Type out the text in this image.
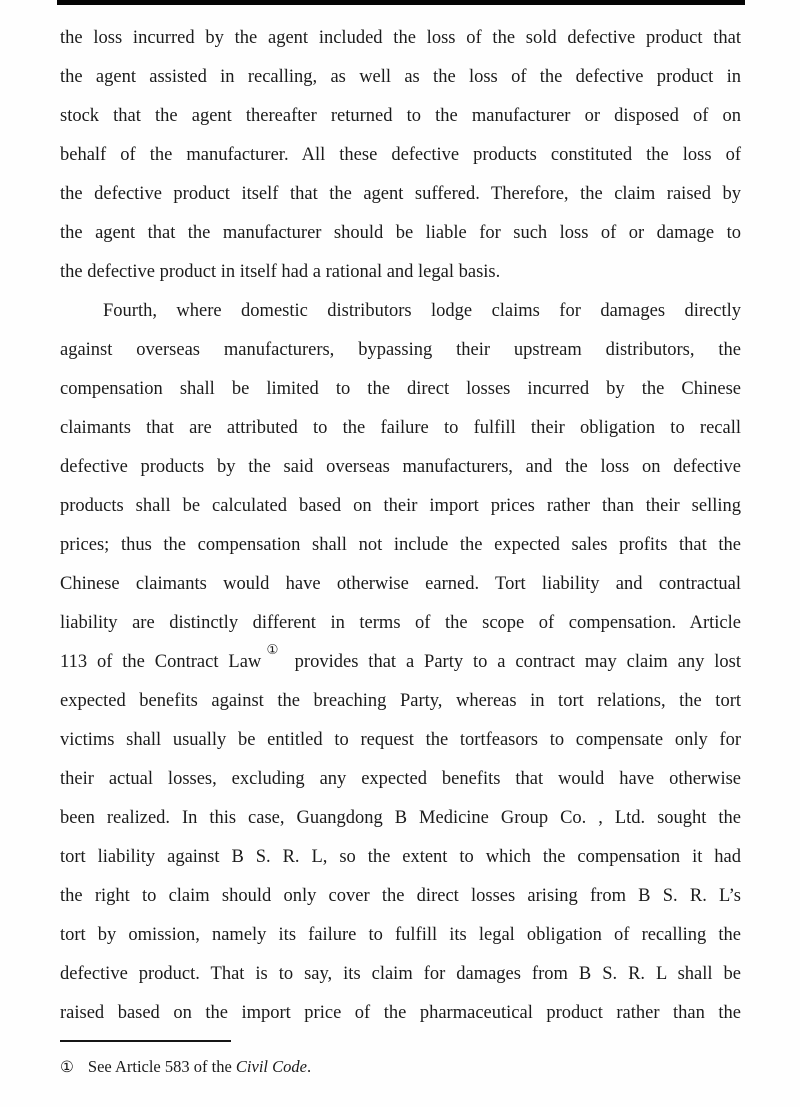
the loss incurred by the agent included the loss of the sold defective product that
the agent assisted in recalling, as well as the loss of the defective product in
stock that the agent thereafter returned to the manufacturer or disposed of on
behalf of the manufacturer. All these defective products constituted the loss of
the defective product itself that the agent suffered. Therefore, the claim raised by
the agent that the manufacturer should be liable for such loss of or damage to
the defective product in itself had a rational and legal basis.
Fourth, where domestic distributors lodge claims for damages directly
against overseas manufacturers, bypassing their upstream distributors, the
compensation shall be limited to the direct losses incurred by the Chinese
claimants that are attributed to the failure to fulfill their obligation to recall
defective products by the said overseas manufacturers, and the loss on defective
products shall be calculated based on their import prices rather than their selling
prices; thus the compensation shall not include the expected sales profits that the
Chinese claimants would have otherwise earned. Tort liability and contractual
liability are distinctly different in terms of the scope of compensation. Article
113 of the Contract Law① provides that a Party to a contract may claim any lost
expected benefits against the breaching Party, whereas in tort relations, the tort
victims shall usually be entitled to request the tortfeasors to compensate only for
their actual losses, excluding any expected benefits that would have otherwise
been realized. In this case, Guangdong B Medicine Group Co. , Ltd. sought the
tort liability against B S. R. L, so the extent to which the compensation it had
the right to claim should only cover the direct losses arising from B S. R. L’s
tort by omission, namely its failure to fulfill its legal obligation of recalling the
defective product. That is to say, its claim for damages from B S. R. L shall be
raised based on the import price of the pharmaceutical product rather than the
① See Article 583 of the Civil Code.
